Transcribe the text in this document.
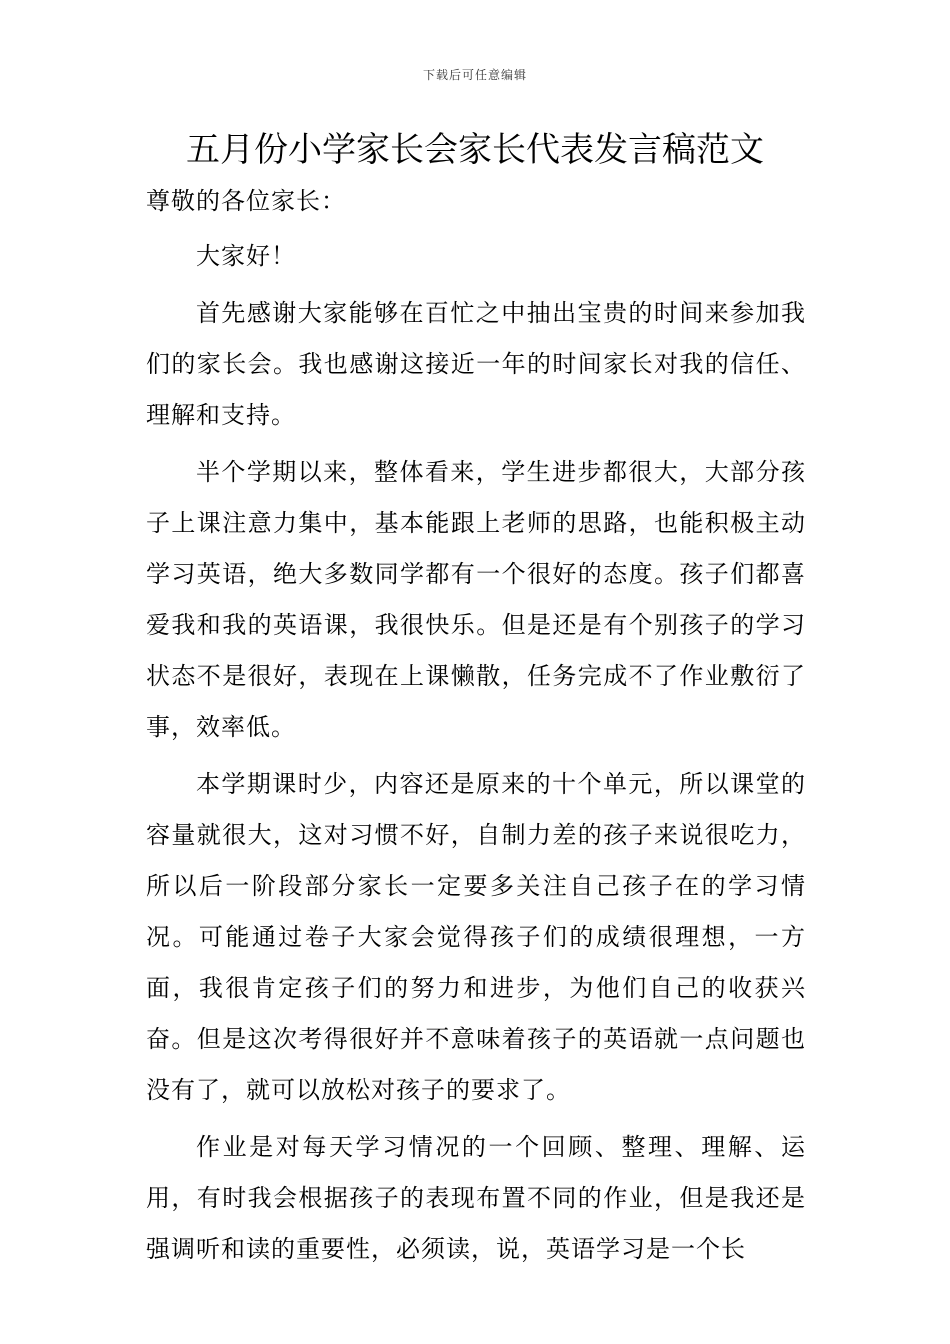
下载后可任意编辑
五月份小学家长会家长代表发言稿范文

尊敬的各位家长：

大家好！

首先感谢大家能够在百忙之中抽出宝贵的时间来参加我们的家长会。我也感谢这接近一年的时间家长对我的信任、理解和支持。

半个学期以来，整体看来，学生进步都很大，大部分孩子上课注意力集中，基本能跟上老师的思路，也能积极主动学习英语，绝大多数同学都有一个很好的态度。孩子们都喜爱我和我的英语课，我很快乐。但是还是有个别孩子的学习状态不是很好，表现在上课懒散，任务完成不了作业敷衍了事，效率低。

本学期课时少，内容还是原来的十个单元，所以课堂的容量就很大，这对习惯不好，自制力差的孩子来说很吃力，所以后一阶段部分家长一定要多关注自己孩子在的学习情况。可能通过卷子大家会觉得孩子们的成绩很理想，一方面，我很肯定孩子们的努力和进步，为他们自己的收获兴奋。但是这次考得很好并不意味着孩子的英语就一点问题也没有了，就可以放松对孩子的要求了。

作业是对每天学习情况的一个回顾、整理、理解、运用，有时我会根据孩子的表现布置不同的作业，但是我还是强调听和读的重要性，必须读，说，英语学习是一个长
